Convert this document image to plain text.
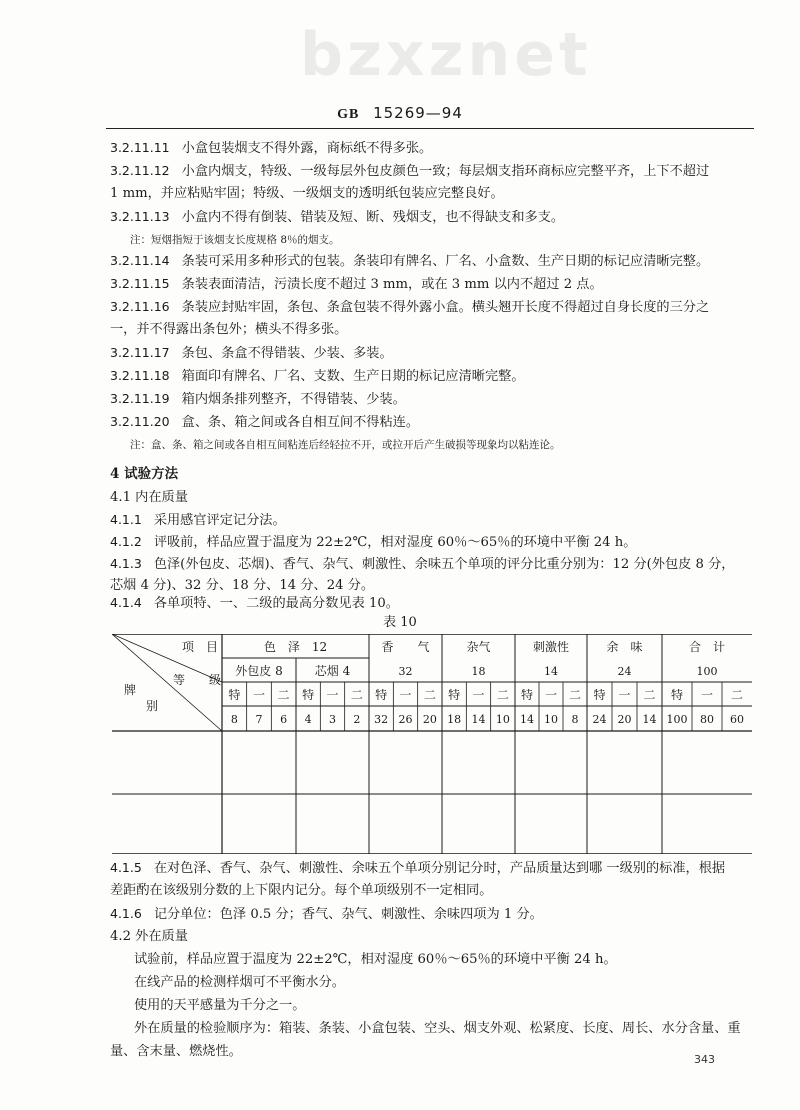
bzxznet
GB 15269—94
3.2.11.11 小盒包装烟支不得外露，商标纸不得多张。
3.2.11.12 小盒内烟支，特级、一级每层外包皮颜色一致；每层烟支指环商标应完整平齐，上下不超过
1 mm，并应粘贴牢固；特级、一级烟支的透明纸包装应完整良好。
3.2.11.13 小盒内不得有倒装、错装及短、断、残烟支，也不得缺支和多支。
注：短烟指短于该烟支长度规格 8％的烟支。
3.2.11.14 条装可采用多种形式的包装。条装印有牌名、厂名、小盒数、生产日期的标记应清晰完整。
3.2.11.15 条装表面清洁，污渍长度不超过 3 mm，或在 3 mm 以内不超过 2 点。
3.2.11.16 条装应封贴牢固，条包、条盒包装不得外露小盒。横头翘开长度不得超过自身长度的三分之
一，并不得露出条包外；横头不得多张。
3.2.11.17 条包、条盒不得错装、少装、多装。
3.2.11.18 箱面印有牌名、厂名、支数、生产日期的标记应清晰完整。
3.2.11.19 箱内烟条排列整齐，不得错装、少装。
3.2.11.20 盒、条、箱之间或各自相互间不得粘连。
注：盒、条、箱之间或各自相互间粘连后经轻拉不开，或拉开后产生破损等现象均以粘连论。
4 试验方法
4.1 内在质量
4.1.1 采用感官评定记分法。
4.1.2 评吸前，样品应置于温度为 22±2℃，相对湿度 60％～65％的环境中平衡 24 h。
4.1.3 色泽(外包皮、芯烟)、香气、杂气、刺激性、余味五个单项的评分比重分别为：12 分(外包皮 8 分，
芯烟 4 分)、32 分、18 分、14 分、24 分。
4.1.4 各单项特、一、二级的最高分数见表 10。
表 10
项　目
等　　级
牌
别
色　泽　12
外包皮 8	芯烟 4
香　　气
32
杂气
18
刺激性
14
余　味
24
合　计
100
特
8
一
7
二
6
特
4
一
3
二
2
特
32
一
26
二
20
特
18
一
14
二
10
特
14
一
10
二
8
特
24
一
20
二
14
特
100
一
80
二
60
4.1.5 在对色泽、香气、杂气、刺激性、余味五个单项分别记分时，产品质量达到哪 一级别的标准，根据
差距酌在该级别分数的上下限内记分。每个单项级别不一定相同。
4.1.6 记分单位：色泽 0.5 分；香气、杂气、刺激性、余味四项为 1 分。
4.2 外在质量
试验前，样品应置于温度为 22±2℃，相对湿度 60％～65％的环境中平衡 24 h。
在线产品的检测样烟可不平衡水分。
使用的天平感量为千分之一。
外在质量的检验顺序为：箱装、条装、小盒包装、空头、烟支外观、松紧度、长度、周长、水分含量、重
量、含末量、燃烧性。
343
